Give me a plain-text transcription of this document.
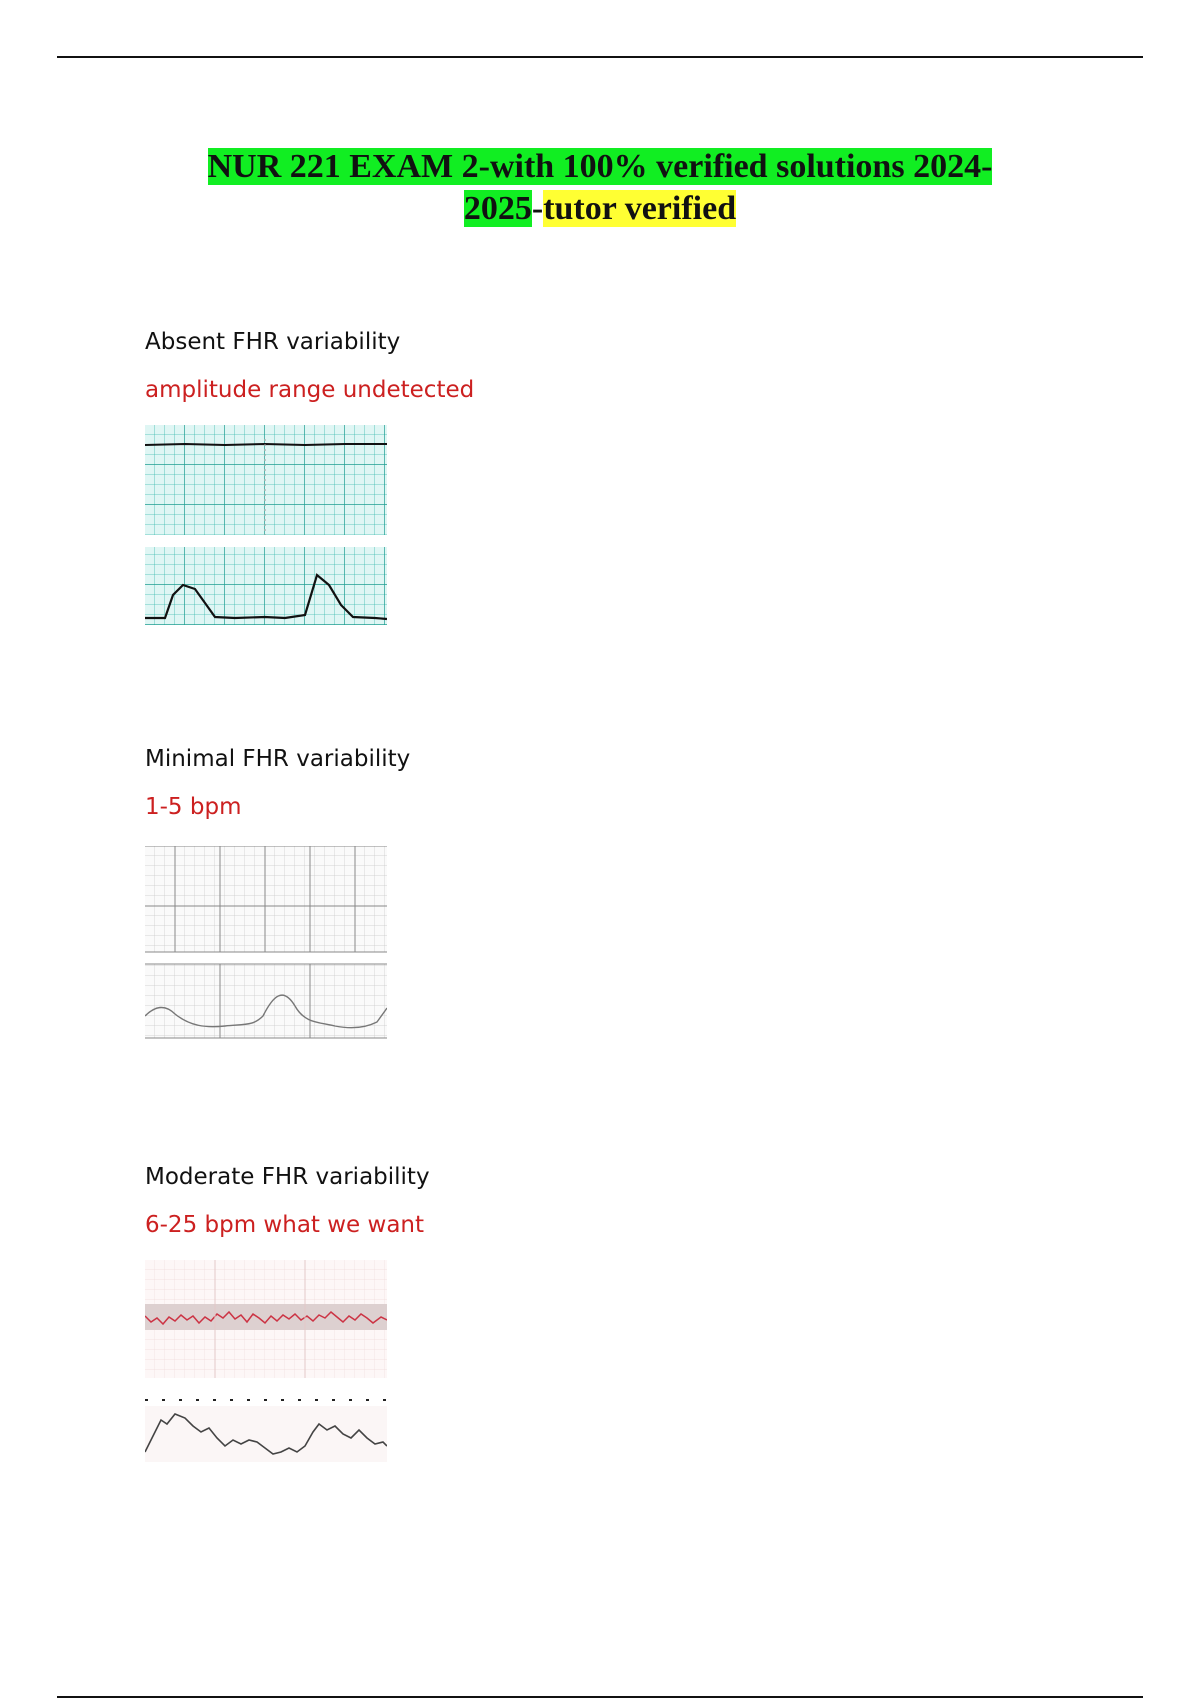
NUR 221 EXAM 2-with 100% verified solutions 2024-
2025-tutor verified
Absent FHR variability
amplitude range undetected
Minimal FHR variability
1-5 bpm
Moderate FHR variability
6-25 bpm what we want
